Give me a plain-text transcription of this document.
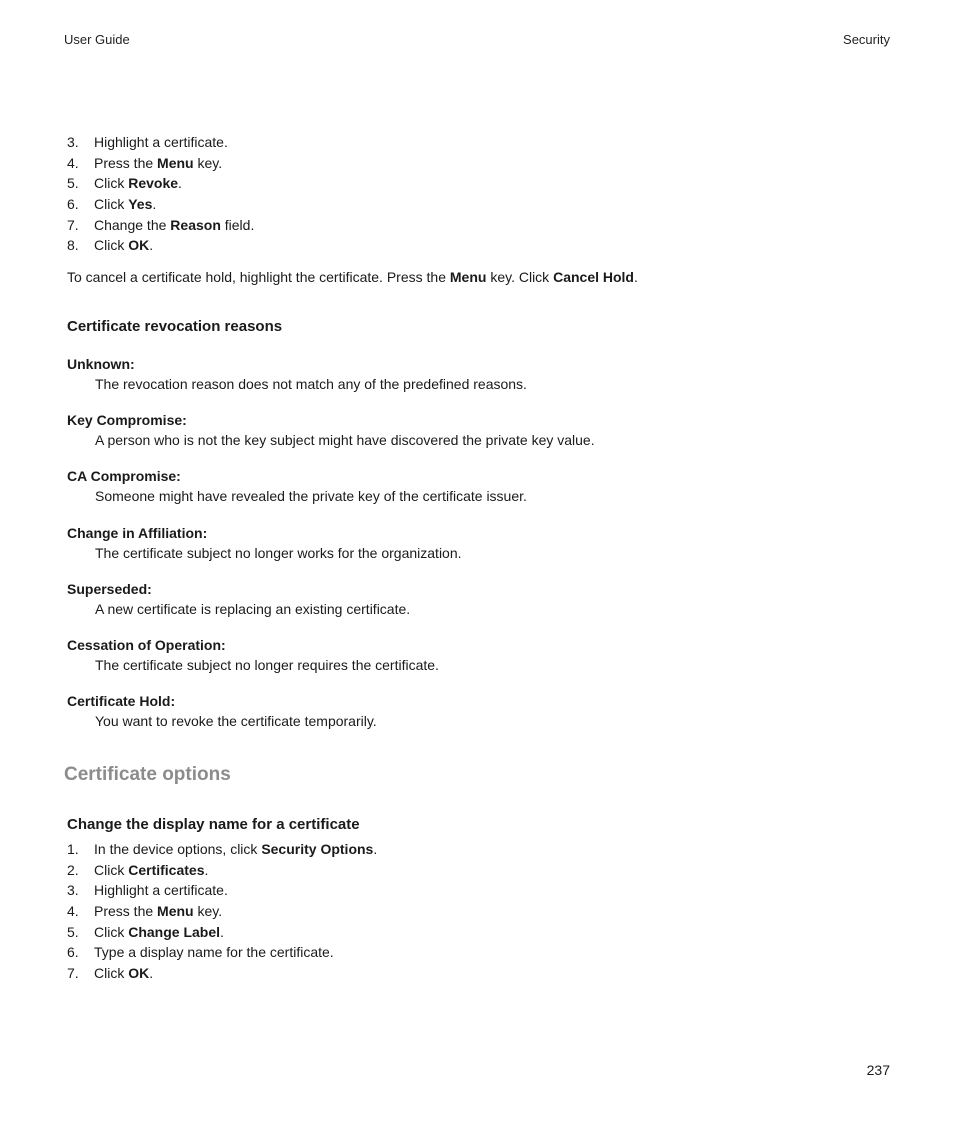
User Guide	Security
3. Highlight a certificate.
4. Press the Menu key.
5. Click Revoke.
6. Click Yes.
7. Change the Reason field.
8. Click OK.
To cancel a certificate hold, highlight the certificate. Press the Menu key. Click Cancel Hold.
Certificate revocation reasons
Unknown:
The revocation reason does not match any of the predefined reasons.
Key Compromise:
A person who is not the key subject might have discovered the private key value.
CA Compromise:
Someone might have revealed the private key of the certificate issuer.
Change in Affiliation:
The certificate subject no longer works for the organization.
Superseded:
A new certificate is replacing an existing certificate.
Cessation of Operation:
The certificate subject no longer requires the certificate.
Certificate Hold:
You want to revoke the certificate temporarily.
Certificate options
Change the display name for a certificate
1. In the device options, click Security Options.
2. Click Certificates.
3. Highlight a certificate.
4. Press the Menu key.
5. Click Change Label.
6. Type a display name for the certificate.
7. Click OK.
237
